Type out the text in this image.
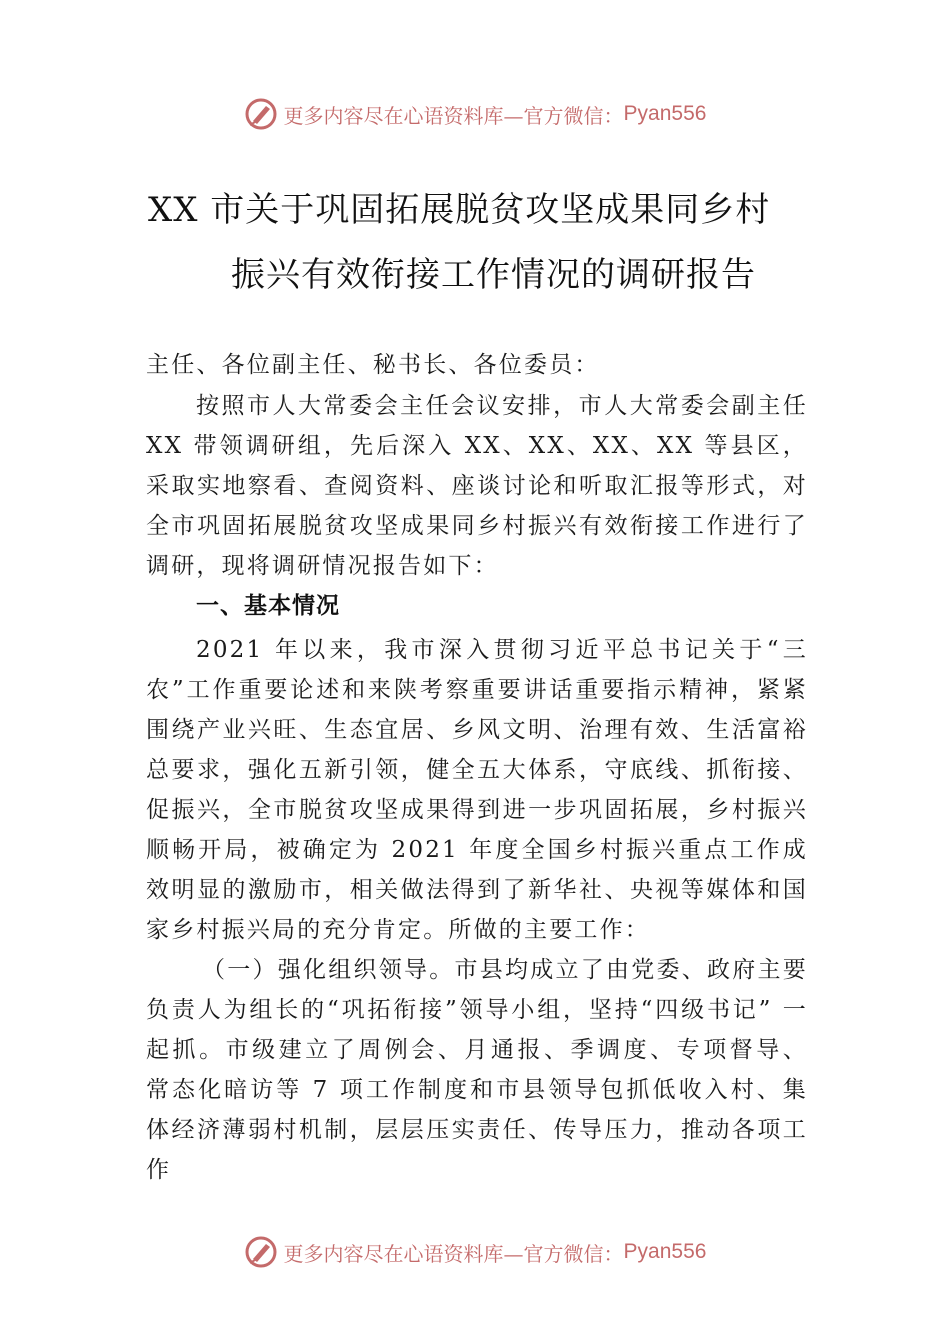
更多内容尽在心语资料库—官方微信： Pyan556
XX 市关于巩固拓展脱贫攻坚成果同乡村
振兴有效衔接工作情况的调研报告
主任、各位副主任、秘书长、各位委员：
按照市人大常委会主任会议安排，市人大常委会副主任 XX 带领调研组，先后深入 XX、XX、XX、XX 等县区，采取实地察看、查阅资料、座谈讨论和听取汇报等形式，对全市巩固拓展脱贫攻坚成果同乡村振兴有效衔接工作进行了调研，现将调研情况报告如下：
一、基本情况
2021 年以来，我市深入贯彻习近平总书记关于“三农”工作重要论述和来陕考察重要讲话重要指示精神，紧紧围绕产业兴旺、生态宜居、乡风文明、治理有效、生活富裕总要求，强化五新引领，健全五大体系，守底线、抓衔接、促振兴，全市脱贫攻坚成果得到进一步巩固拓展，乡村振兴顺畅开局，被确定为 2021 年度全国乡村振兴重点工作成效明显的激励市，相关做法得到了新华社、央视等媒体和国家乡村振兴局的充分肯定。所做的主要工作：
（一）强化组织领导。市县均成立了由党委、政府主要负责人为组长的“巩拓衔接”领导小组，坚持“四级书记” 一起抓。市级建立了周例会、月通报、季调度、专项督导、 常态化暗访等 7 项工作制度和市县领导包抓低收入村、集体经济薄弱村机制，层层压实责任、传导压力，推动各项工作
更多内容尽在心语资料库—官方微信： Pyan556
